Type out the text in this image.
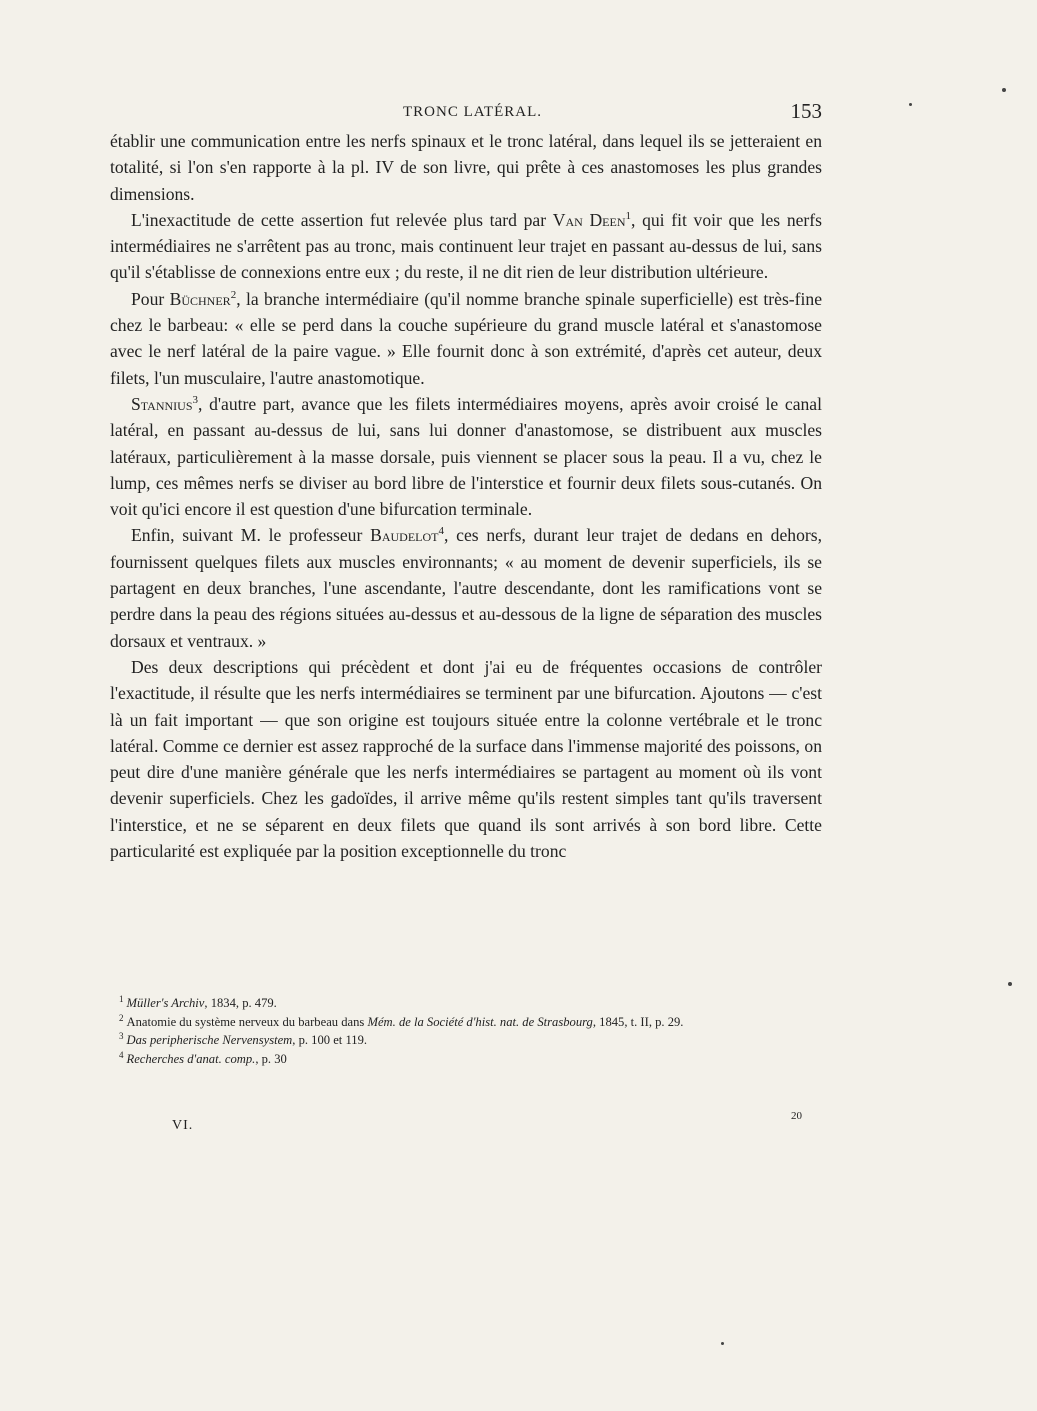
TRONC LATÉRAL.	153

établir une communication entre les nerfs spinaux et le tronc latéral, dans lequel ils se jetteraient en totalité, si l'on s'en rapporte à la pl. IV de son livre, qui prête à ces anastomoses les plus grandes dimensions.

L'inexactitude de cette assertion fut relevée plus tard par Van Deen$^1$, qui fit voir que les nerfs intermédiaires ne s'arrêtent pas au tronc, mais continuent leur trajet en passant au-dessus de lui, sans qu'il s'établisse de connexions entre eux ; du reste, il ne dit rien de leur distribution ultérieure.

Pour Büchner$^2$, la branche intermédiaire (qu'il nomme branche spinale superficielle) est très-fine chez le barbeau: « elle se perd dans la couche supérieure du grand muscle latéral et s'anastomose avec le nerf latéral de la paire vague. » Elle fournit donc à son extrémité, d'après cet auteur, deux filets, l'un musculaire, l'autre anastomotique.

Stannius$^3$, d'autre part, avance que les filets intermédiaires moyens, après avoir croisé le canal latéral, en passant au-dessus de lui, sans lui donner d'anastomose, se distribuent aux muscles latéraux, particulièrement à la masse dorsale, puis viennent se placer sous la peau. Il a vu, chez le lump, ces mêmes nerfs se diviser au bord libre de l'interstice et fournir deux filets sous-cutanés. On voit qu'ici encore il est question d'une bifurcation terminale.

Enfin, suivant M. le professeur Baudelot$^4$, ces nerfs, durant leur trajet de dedans en dehors, fournissent quelques filets aux muscles environnants; « au moment de devenir superficiels, ils se partagent en deux branches, l'une ascendante, l'autre descendante, dont les ramifications vont se perdre dans la peau des régions situées au-dessus et au-dessous de la ligne de séparation des muscles dorsaux et ventraux. »

Des deux descriptions qui précèdent et dont j'ai eu de fréquentes occasions de contrôler l'exactitude, il résulte que les nerfs intermédiaires se terminent par une bifurcation. Ajoutons — c'est là un fait important — que son origine est toujours située entre la colonne vertébrale et le tronc latéral. Comme ce dernier est assez rapproché de la surface dans l'immense majorité des poissons, on peut dire d'une manière générale que les nerfs intermédiaires se partagent au moment où ils vont devenir superficiels. Chez les gadoïdes, il arrive même qu'ils restent simples tant qu'ils traversent l'interstice, et ne se séparent en deux filets que quand ils sont arrivés à son bord libre. Cette particularité est expliquée par la position exceptionnelle du tronc

$^1$ Müller's Archiv, 1834, p. 479.

$^2$ Anatomie du système nerveux du barbeau dans Mém. de la Société d'hist. nat. de Strasbourg, 1845, t. II, p. 29.

$^3$ Das peripherische Nervensystem, p. 100 et 119.

$^4$ Recherches d'anat. comp., p. 30

VI.
20
